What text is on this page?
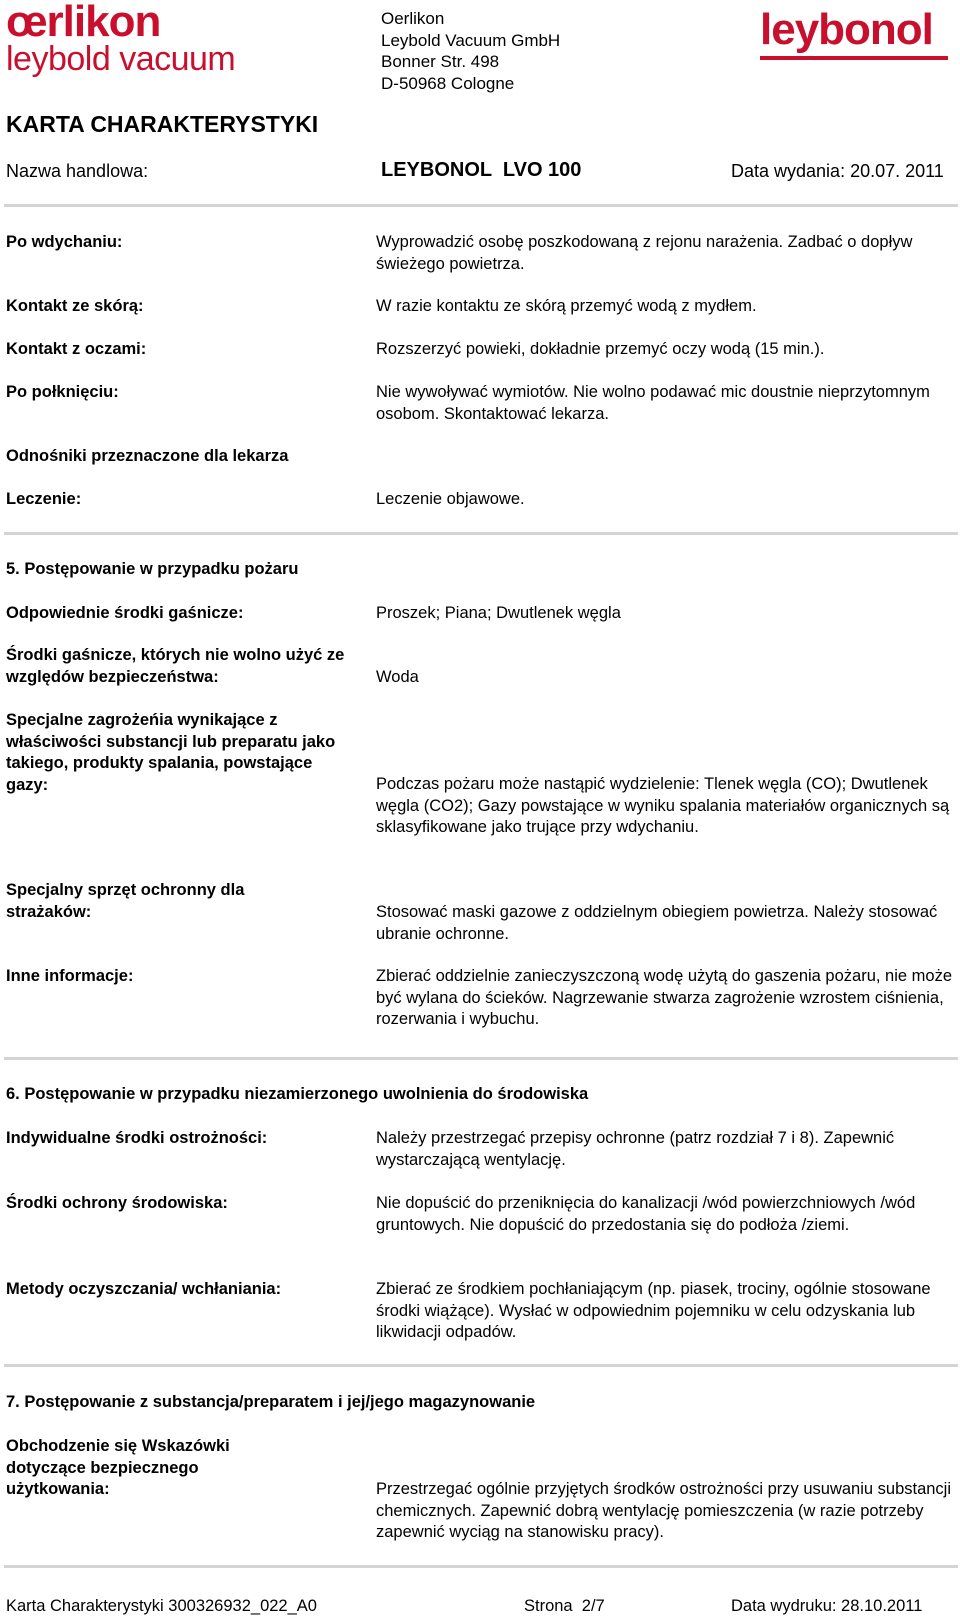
œrlikon
leybold vacuum
Oerlikon
Leybold Vacuum GmbH
Bonner Str. 498
D-50968 Cologne
leybonol
KARTA CHARAKTERYSTYKI
Nazwa handlowa:	LEYBONOL  LVO 100	Data wydania: 20.07. 2011
Po wdychaniu:	Wyprowadzić osobę poszkodowaną z rejonu narażenia. Zadbać o dopływ świeżego powietrza.
Kontakt ze skórą:	W razie kontaktu ze skórą przemyć wodą z mydłem.
Kontakt z oczami:	Rozszerzyć powieki, dokładnie przemyć oczy wodą (15 min.).
Po połknięciu:	Nie wywoływać wymiotów. Nie wolno podawać mic doustnie nieprzytomnym osobom. Skontaktować lekarza.
Odnośniki przeznaczone dla lekarza
Leczenie:	Leczenie objawowe.
5. Postępowanie w przypadku pożaru
Odpowiednie środki gaśnicze:	Proszek; Piana; Dwutlenek węgla
Środki gaśnicze, których nie wolno użyć ze względów bezpieczeństwa:	Woda
Specjalne zagrożeńia wynikające z właściwości substancji lub preparatu jako takiego, produkty spalania, powstające gazy:	Podczas pożaru może nastąpić wydzielenie: Tlenek węgla (CO); Dwutlenek węgla (CO2); Gazy powstające w wyniku spalania materiałów organicznych są sklasyfikowane jako trujące przy wdychaniu.
Specjalny sprzęt ochronny dla strażaków:	Stosować maski gazowe z oddzielnym obiegiem powietrza. Należy stosować ubranie ochronne.
Inne informacje:	Zbierać oddzielnie zanieczyszczoną wodę użytą do gaszenia pożaru, nie może być wylana do ścieków. Nagrzewanie stwarza zagrożenie wzrostem ciśnienia, rozerwania i wybuchu.
6. Postępowanie w przypadku niezamierzonego uwolnienia do środowiska
Indywidualne środki ostrożności:	Należy przestrzegać przepisy ochronne (patrz rozdział 7 i 8). Zapewnić wystarczającą wentylację.
Środki ochrony środowiska:	Nie dopuścić do przeniknięcia do kanalizacji /wód powierzchniowych /wód gruntowych. Nie dopuścić do przedostania się do podłoża /ziemi.
Metody oczyszczania/ wchłaniania:	Zbierać ze środkiem pochłaniającym (np. piasek, trociny, ogólnie stosowane środki wiążące). Wysłać w odpowiednim pojemniku w celu odzyskania lub likwidacji odpadów.
7. Postępowanie z substancja/preparatem i jej/jego magazynowanie
Obchodzenie się Wskazówki dotyczące bezpiecznego użytkowania:	Przestrzegać ogólnie przyjętych środków ostrożności przy usuwaniu substancji chemicznych. Zapewnić dobrą wentylację pomieszczenia (w razie potrzeby zapewnić wyciąg na stanowisku pracy).
Karta Charakterystyki 300326932_022_A0	Strona  2/7	Data wydruku: 28.10.2011
